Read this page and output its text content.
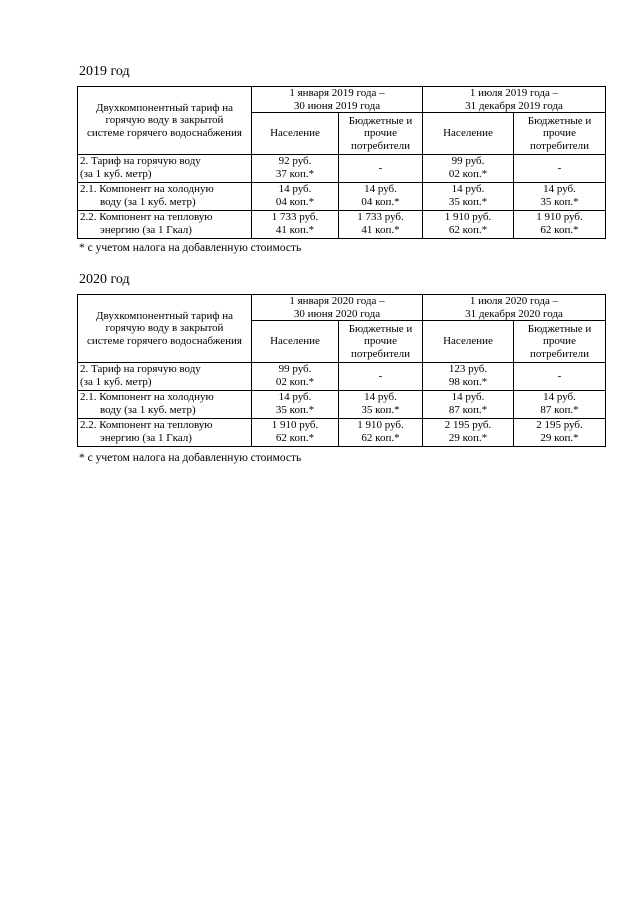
2019 год
Двухкомпонентный тариф на
горячую воду в закрытой
системе горячего водоснабжения	1 января 2019 года –
30 июня 2019 года		1 июля 2019 года –
31 декабря 2019 года	

	Население	Бюджетные и
прочие
потребители	Население	Бюджетные и
прочие
потребители

2. Тариф на горячую воду
(за 1 куб. метр)	92 руб.
37 коп.*	-	99 руб.
02 коп.*	-

2.1. Компонент на холодную
воду (за 1 куб. метр)	14 руб.
04 коп.*	14 руб.
04 коп.*	14 руб.
35 коп.*	14 руб.
35 коп.*

2.2. Компонент на тепловую
энергию (за 1 Гкал)	1 733 руб.
41 коп.*	1 733 руб.
41 коп.*	1 910 руб.
62 коп.*	1 910 руб.
62 коп.*
* с учетом налога на добавленную стоимость
2020 год
Двухкомпонентный тариф на
горячую воду в закрытой
системе горячего водоснабжения	1 января 2020 года –
30 июня 2020 года		1 июля 2020 года –
31 декабря 2020 года	

	Население	Бюджетные и
прочие
потребители	Население	Бюджетные и
прочие
потребители

2. Тариф на горячую воду
(за 1 куб. метр)	99 руб.
02 коп.*	-	123 руб.
98 коп.*	-

2.1. Компонент на холодную
воду (за 1 куб. метр)	14 руб.
35 коп.*	14 руб.
35 коп.*	14 руб.
87 коп.*	14 руб.
87 коп.*

2.2. Компонент на тепловую
энергию (за 1 Гкал)	1 910 руб.
62 коп.*	1 910 руб.
62 коп.*	2 195 руб.
29 коп.*	2 195 руб.
29 коп.*
* с учетом налога на добавленную стоимость
